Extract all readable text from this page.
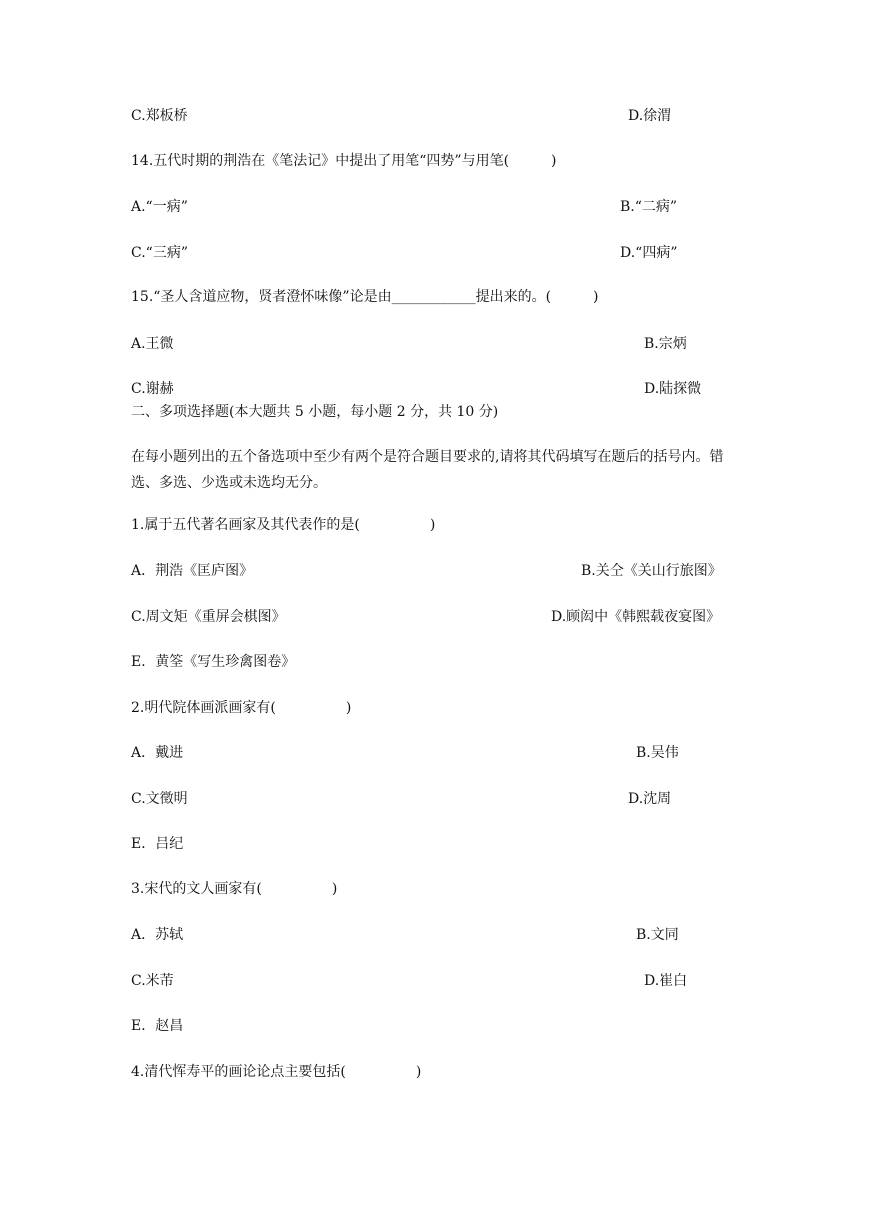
C.郑板桥	D.徐渭
14.五代时期的荆浩在《笔法记》中提出了用笔“四势”与用笔(　　　)
A.“一病”	B.“二病”
C.“三病”	D.“四病”
15.“圣人含道应物，贤者澄怀味像”论是由____________提出来的。(　　　)
A.王微	B.宗炳
C.谢赫	D.陆探微
二、多项选择题(本大题共 5 小题，每小题 2 分，共 10 分)
在每小题列出的五个备选项中至少有两个是符合题目要求的,请将其代码填写在题后的括号内。错选、多选、少选或未选均无分。
1.属于五代著名画家及其代表作的是(　　　　　)
A．荆浩《匡庐图》	B.关仝《关山行旅图》
C.周文矩《重屏会棋图》	D.顾闳中《韩熙载夜宴图》
E．黄筌《写生珍禽图卷》
2.明代院体画派画家有(　　　　　)
A．戴进	B.吴伟
C.文徵明	D.沈周
E．吕纪
3.宋代的文人画家有(　　　　　)
A．苏轼	B.文同
C.米芾	D.崔白
E．赵昌
4.清代恽寿平的画论论点主要包括(　　　　　)
